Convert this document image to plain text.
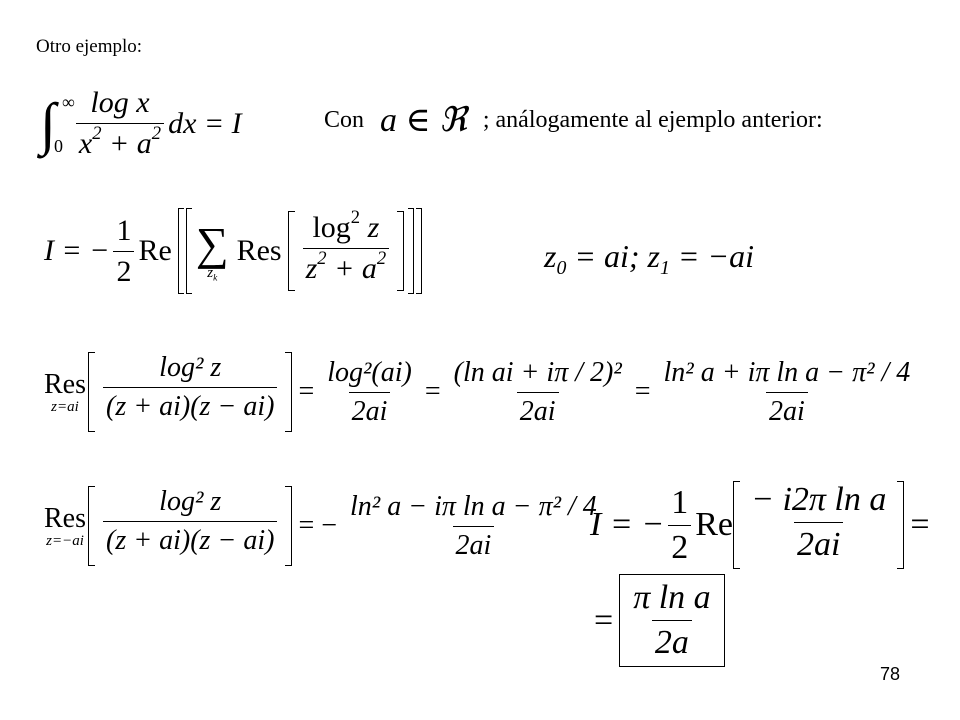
Otro ejemplo:
∫ ∞
$0 \frac{\text{log x}}{x^2 + a^2}$ dx = I	Con a ∈ ℜ ; análogamente al ejemplo anterior:
I = − $\frac{1}{2}$ Re ∑
$z_k$
Res $\frac{\log^2 z}{z^2 + a^2}$	$z_0$ = ai; $z_1 = -ai$
Res
$z=ai \frac{\text{log² z}}{(z + ai)(z - ai)} = \frac{\text{log²(ai)}}{2ai} = \frac{\text{(ln ai + iπ / 2)²}}{2ai} = \frac{\text{ln² a + iπ ln a − π² / 4}}{2ai}$
Res
$z=-ai \frac{\text{log² z}}{(z + ai)(z - ai)}$ = − $\frac{\text{ln² a − iπ ln a − π² / 4}}{2ai}$
I = − $\frac{1}{2}$ Re $\frac{\text{− i2π ln a}}{2ai}$ =
= $\frac{\text{π ln a}}{2a}$
78
